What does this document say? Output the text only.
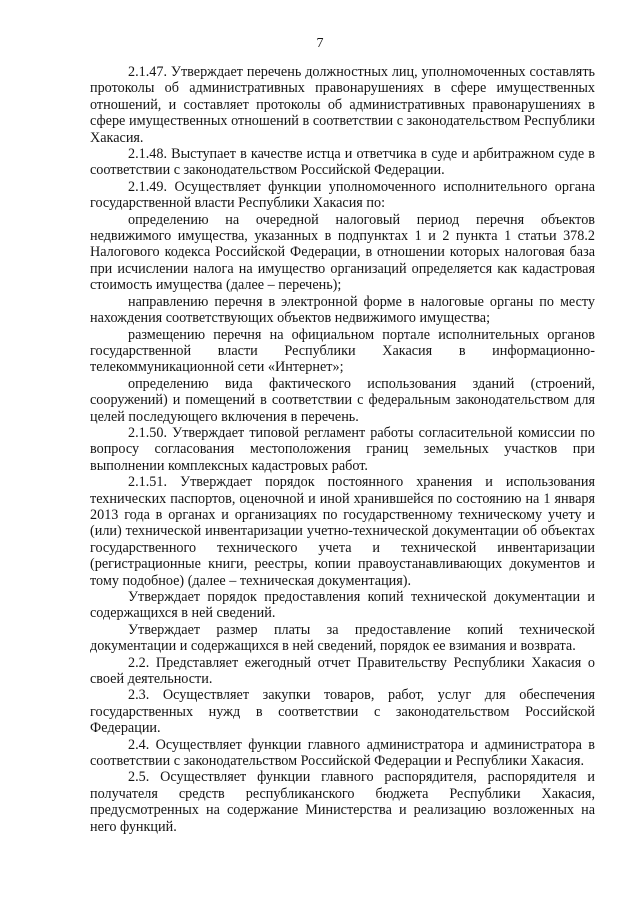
7

2.1.47. Утверждает перечень должностных лиц, уполномоченных составлять протоколы об административных правонарушениях в сфере имущественных отношений, и составляет протоколы об административных правонарушениях в сфере имущественных отношений в соответствии с законодательством Республики Хакасия.

2.1.48. Выступает в качестве истца и ответчика в суде и арбитражном суде в соответствии с законодательством Российской Федерации.

2.1.49. Осуществляет функции уполномоченного исполнительного органа государственной власти Республики Хакасия по:

определению на очередной налоговый период перечня объектов недвижимого имущества, указанных в подпунктах 1 и 2 пункта 1 статьи 378.2 Налогового кодекса Российской Федерации, в отношении которых налоговая база при исчислении налога на имущество организаций определяется как кадастровая стоимость имущества (далее – перечень);

направлению перечня в электронной форме в налоговые органы по месту нахождения соответствующих объектов недвижимого имущества;

размещению перечня на официальном портале исполнительных органов государственной власти Республики Хакасия в информационно-телекоммуникационной сети «Интернет»;

определению вида фактического использования зданий (строений, сооружений) и помещений в соответствии с федеральным законодательством для целей последующего включения в перечень.

2.1.50. Утверждает типовой регламент работы согласительной комиссии по вопросу согласования местоположения границ земельных участков при выполнении комплексных кадастровых работ.

2.1.51. Утверждает порядок постоянного хранения и использования технических паспортов, оценочной и иной хранившейся по состоянию на 1 января 2013 года в органах и организациях по государственному техническому учету и (или) технической инвентаризации учетно-технической документации об объектах государственного технического учета и технической инвентаризации (регистрационные книги, реестры, копии правоустанавливающих документов и тому подобное) (далее – техническая документация).

Утверждает порядок предоставления копий технической документации и содержащихся в ней сведений.

Утверждает размер платы за предоставление копий технической документации и содержащихся в ней сведений, порядок ее взимания и возврата.

2.2. Представляет ежегодный отчет Правительству Республики Хакасия о своей деятельности.

2.3. Осуществляет закупки товаров, работ, услуг для обеспечения государственных нужд в соответствии с законодательством Российской Федерации.

2.4. Осуществляет функции главного администратора и администратора в соответствии с законодательством Российской Федерации и Республики Хакасия.

2.5. Осуществляет функции главного распорядителя, распорядителя и получателя средств республиканского бюджета Республики Хакасия, предусмотренных на содержание Министерства и реализацию возложенных на него функций.
